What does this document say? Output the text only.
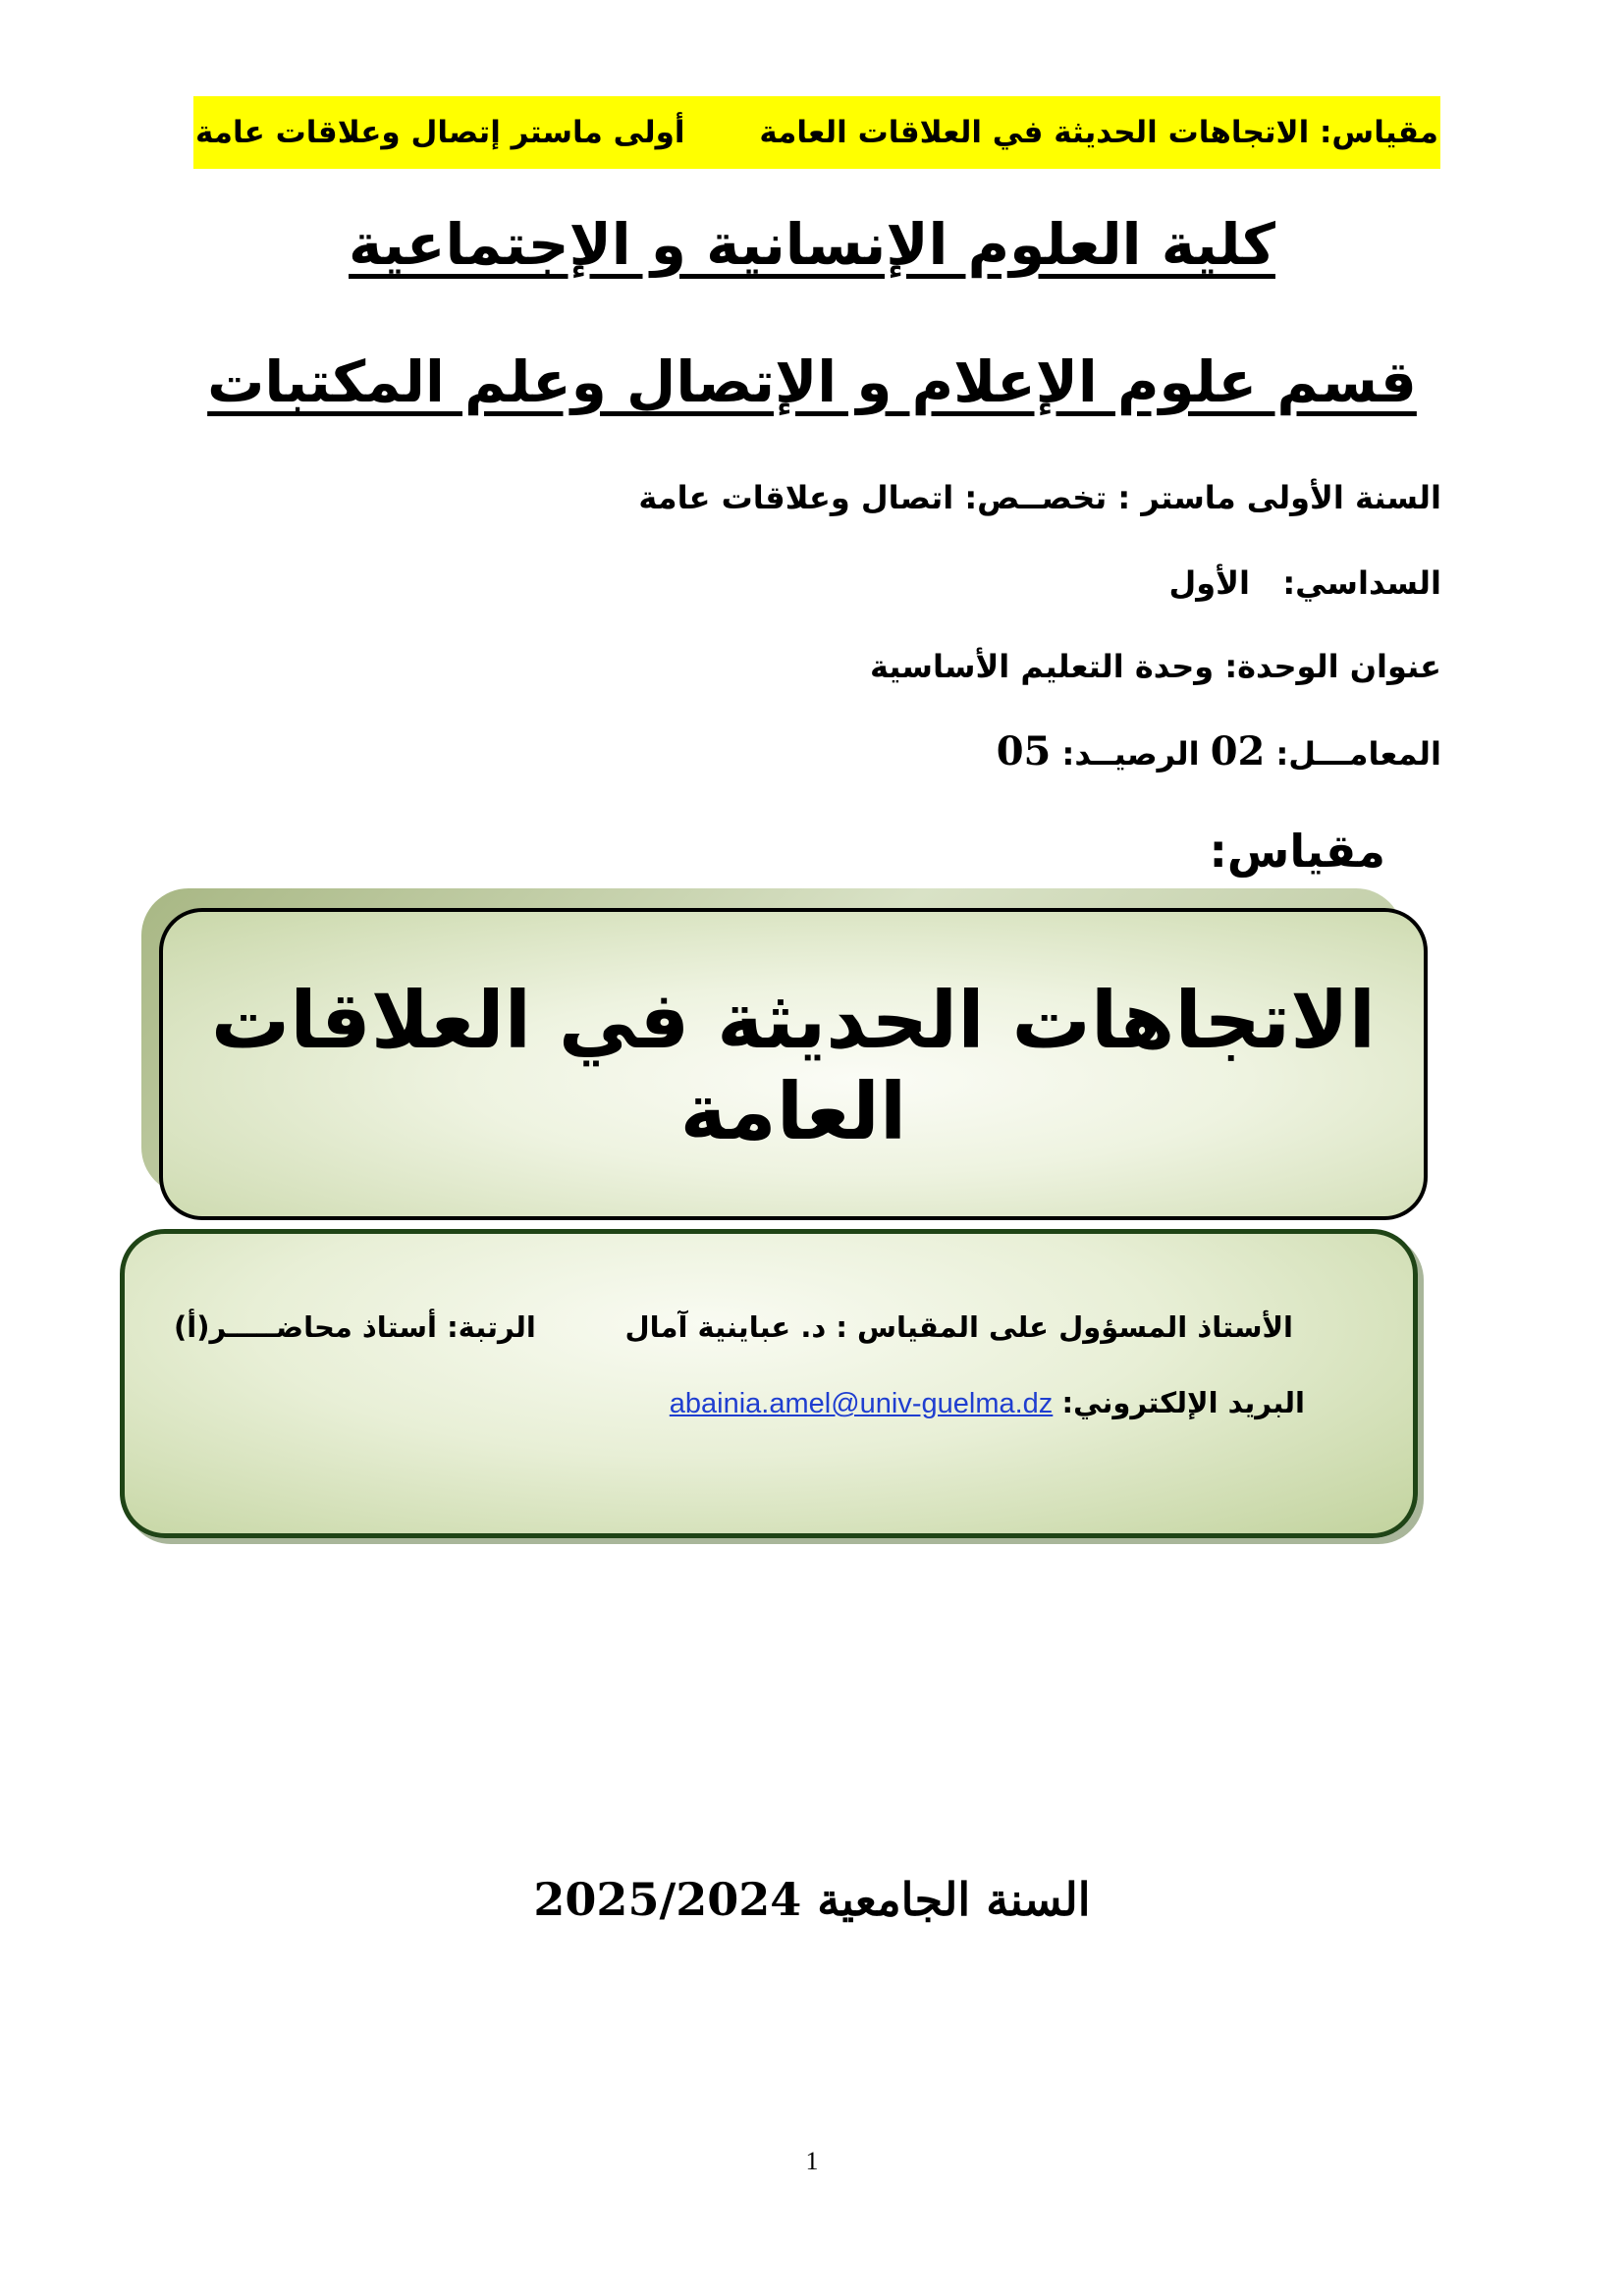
مقياس: الاتجاهات الحديثة في العلاقات العامة
أولى ماستر إتصال وعلاقات عامة
كلية العلوم الإنسانية و الإجتماعية
قسم علوم الإعلام و الإتصال وعلم المكتبات
السنة الأولى ماستر : تخصــص: اتصال وعلاقات عامة
السداسي:   الأول
عنوان الوحدة: وحدة التعليم الأساسية
المعامـــل: 02 الرصيــد: 05
مقياس:
الاتجاهات الحديثة في العلاقات العامة
الأستاذ المسؤول على المقياس : د. عباينية آمال
الرتبة: أستاذ محاضـــــر(أ)
البريد الإلكتروني: abainia.amel@univ-guelma.dz
السنة الجامعية 2025/2024
1
